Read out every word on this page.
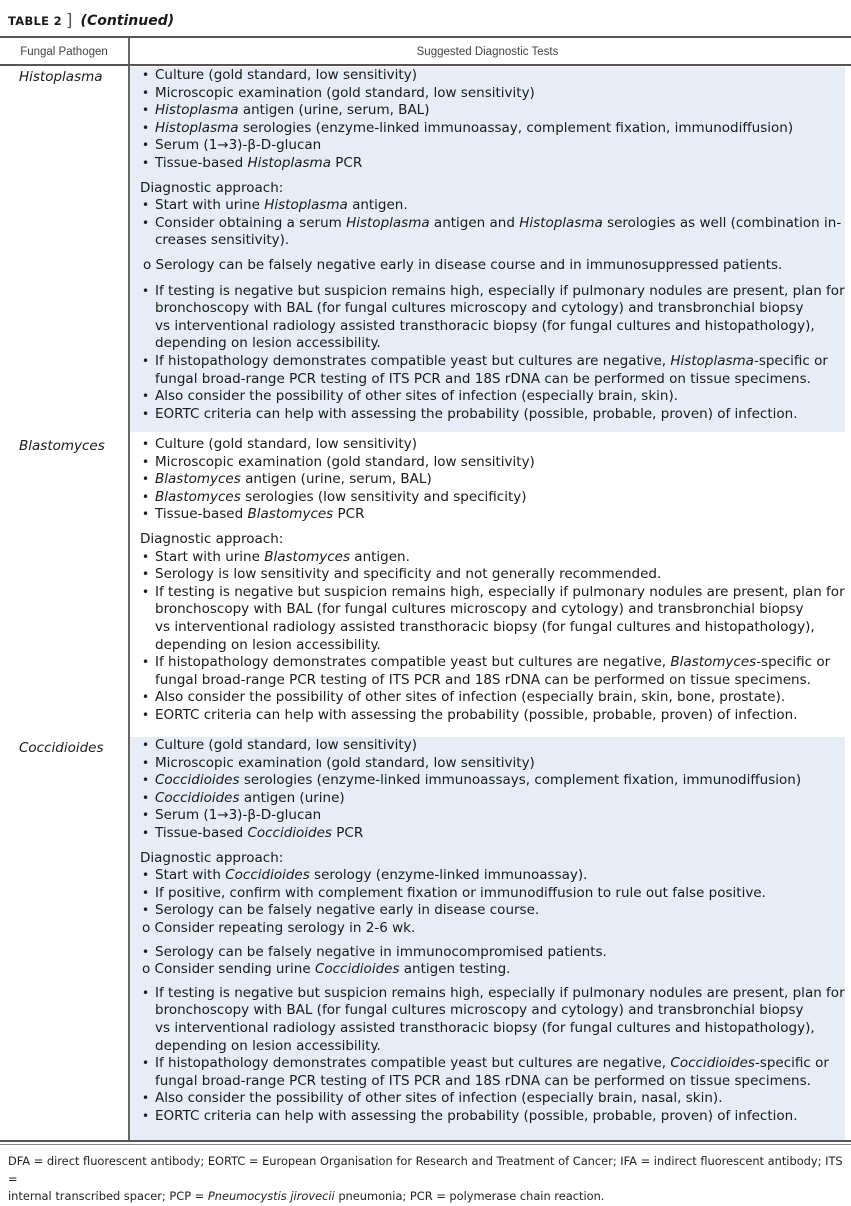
TABLE 2 ] (Continued)
Fungal Pathogen	Suggested Diagnostic Tests
Histoplasma	• Culture (gold standard, low sensitivity)
• Microscopic examination (gold standard, low sensitivity)
• Histoplasma antigen (urine, serum, BAL)
• Histoplasma serologies (enzyme-linked immunoassay, complement fixation, immunodiffusion)
• Serum (1→3)-β-D-glucan
• Tissue-based Histoplasma PCR
Diagnostic approach:
• Start with urine Histoplasma antigen.
• Consider obtaining a serum Histoplasma antigen and Histoplasma serologies as well (combination in-
creases sensitivity).
o Serology can be falsely negative early in disease course and in immunosuppressed patients.
• If testing is negative but suspicion remains high, especially if pulmonary nodules are present, plan for
bronchoscopy with BAL (for fungal cultures microscopy and cytology) and transbronchial biopsy
vs interventional radiology assisted transthoracic biopsy (for fungal cultures and histopathology),
depending on lesion accessibility.
• If histopathology demonstrates compatible yeast but cultures are negative, Histoplasma-specific or
fungal broad-range PCR testing of ITS PCR and 18S rDNA can be performed on tissue specimens.
• Also consider the possibility of other sites of infection (especially brain, skin).
• EORTC criteria can help with assessing the probability (possible, probable, proven) of infection.
Blastomyces	• Culture (gold standard, low sensitivity)
• Microscopic examination (gold standard, low sensitivity)
• Blastomyces antigen (urine, serum, BAL)
• Blastomyces serologies (low sensitivity and specificity)
• Tissue-based Blastomyces PCR
Diagnostic approach:
• Start with urine Blastomyces antigen.
• Serology is low sensitivity and specificity and not generally recommended.
• If testing is negative but suspicion remains high, especially if pulmonary nodules are present, plan for
bronchoscopy with BAL (for fungal cultures microscopy and cytology) and transbronchial biopsy
vs interventional radiology assisted transthoracic biopsy (for fungal cultures and histopathology),
depending on lesion accessibility.
• If histopathology demonstrates compatible yeast but cultures are negative, Blastomyces-specific or
fungal broad-range PCR testing of ITS PCR and 18S rDNA can be performed on tissue specimens.
• Also consider the possibility of other sites of infection (especially brain, skin, bone, prostate).
• EORTC criteria can help with assessing the probability (possible, probable, proven) of infection.
Coccidioides	• Culture (gold standard, low sensitivity)
• Microscopic examination (gold standard, low sensitivity)
• Coccidioides serologies (enzyme-linked immunoassays, complement fixation, immunodiffusion)
• Coccidioides antigen (urine)
• Serum (1→3)-β-D-glucan
• Tissue-based Coccidioides PCR
Diagnostic approach:
• Start with Coccidioides serology (enzyme-linked immunoassay).
• If positive, confirm with complement fixation or immunodiffusion to rule out false positive.
• Serology can be falsely negative early in disease course.
o Consider repeating serology in 2-6 wk.
• Serology can be falsely negative in immunocompromised patients.
o Consider sending urine Coccidioides antigen testing.
• If testing is negative but suspicion remains high, especially if pulmonary nodules are present, plan for
bronchoscopy with BAL (for fungal cultures microscopy and cytology) and transbronchial biopsy
vs interventional radiology assisted transthoracic biopsy (for fungal cultures and histopathology),
depending on lesion accessibility.
• If histopathology demonstrates compatible yeast but cultures are negative, Coccidioides-specific or
fungal broad-range PCR testing of ITS PCR and 18S rDNA can be performed on tissue specimens.
• Also consider the possibility of other sites of infection (especially brain, nasal, skin).
• EORTC criteria can help with assessing the probability (possible, probable, proven) of infection.
DFA = direct fluorescent antibody; EORTC = European Organisation for Research and Treatment of Cancer; IFA = indirect fluorescent antibody; ITS =
internal transcribed spacer; PCP = Pneumocystis jirovecii pneumonia; PCR = polymerase chain reaction.
